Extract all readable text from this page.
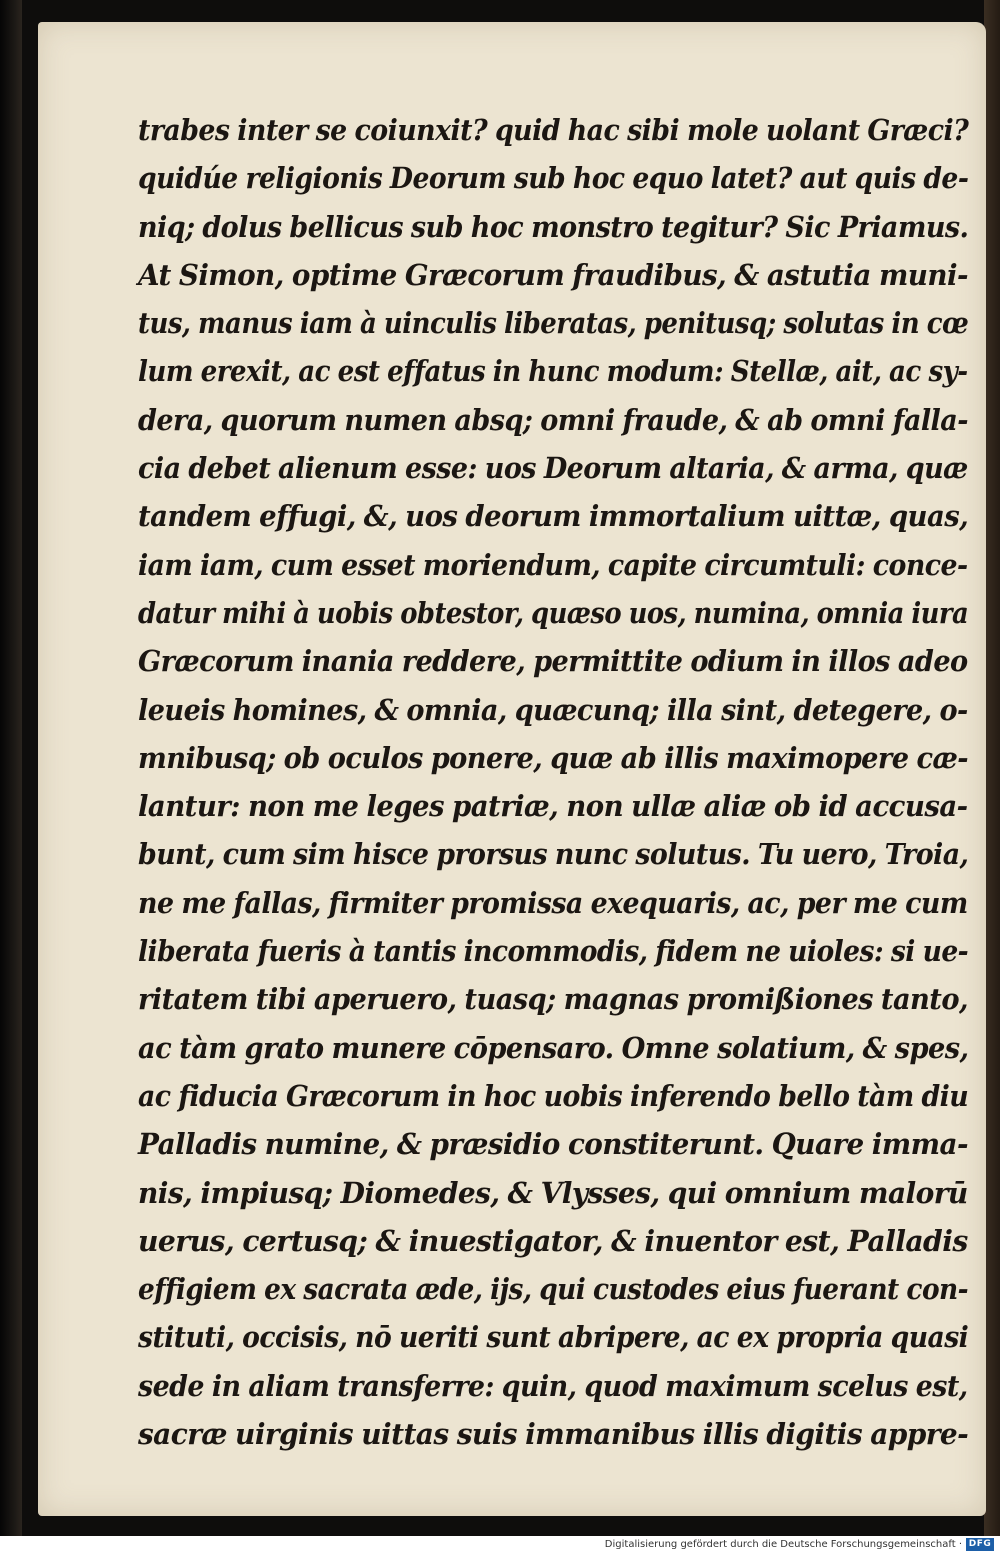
trabes inter se coiunxit? quid hac sibi mole uolant Græci?
quidúe religionis Deorum sub hoc equo latet? aut quis de-
niq; dolus bellicus sub hoc monstro tegitur? Sic Priamus.
At Simon, optime Græcorum fraudibus, & astutia muni-
tus, manus iam à uinculis liberatas, penitusq; solutas in cœ
lum erexit, ac est effatus in hunc modum: Stellæ, ait, ac sy-
dera, quorum numen absq; omni fraude, & ab omni falla-
cia debet alienum esse: uos Deorum altaria, & arma, quæ
tandem effugi, &, uos deorum immortalium uittæ, quas,
iam iam, cum esset moriendum, capite circumtuli: conce-
datur mihi à uobis obtestor, quæso uos, numina, omnia iura
Græcorum inania reddere, permittite odium in illos adeo
leueis homines, & omnia, quæcunq; illa sint, detegere, o-
mnibusq; ob oculos ponere, quæ ab illis maximopere cæ-
lantur: non me leges patriæ, non ullæ aliæ ob id accusa-
bunt, cum sim hisce prorsus nunc solutus. Tu uero, Troia,
ne me fallas, firmiter promissa exequaris, ac, per me cum
liberata fueris à tantis incommodis, fidem ne uioles: si ue-
ritatem tibi aperuero, tuasq; magnas promißiones tanto,
ac tàm grato munere cōpensaro. Omne solatium, & spes,
ac fiducia Græcorum in hoc uobis inferendo bello tàm diu
Palladis numine, & præsidio constiterunt. Quare imma-
nis, impiusq; Diomedes, & Vlysses, qui omnium malorū
uerus, certusq; & inuestigator, & inuentor est, Palladis
effigiem ex sacrata æde, ijs, qui custodes eius fuerant con-
stituti, occisis, nō ueriti sunt abripere, ac ex propria quasi
sede in aliam transferre: quin, quod maximum scelus est,
sacræ uirginis uittas suis immanibus illis digitis appre-
Digitalisierung gefördert durch die Deutsche Forschungsgemeinschaft · DFG
